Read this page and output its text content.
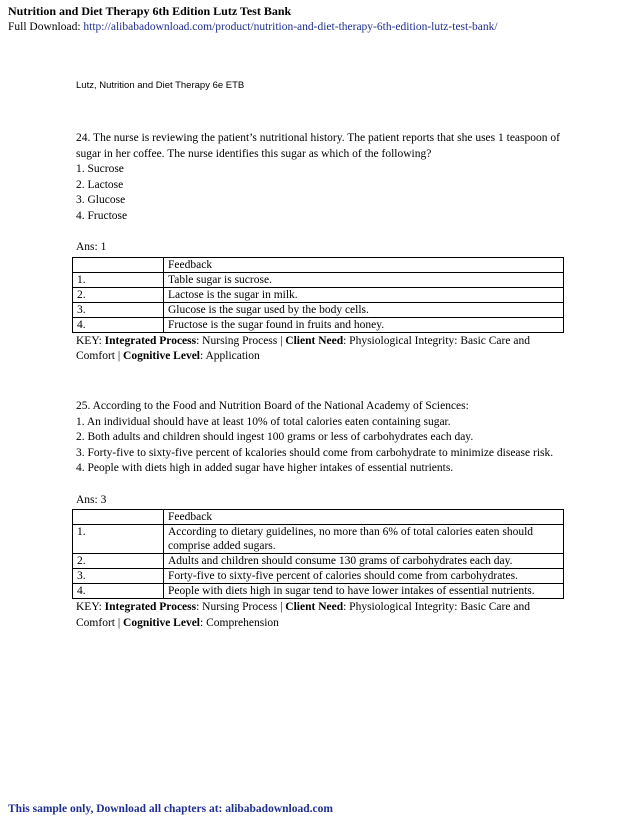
Nutrition and Diet Therapy 6th Edition Lutz Test Bank
Full Download: http://alibabadownload.com/product/nutrition-and-diet-therapy-6th-edition-lutz-test-bank/
Lutz, Nutrition and Diet Therapy 6e ETB

24. The nurse is reviewing the patient’s nutritional history. The patient reports that she uses 1 teaspoon of sugar in her coffee. The nurse identifies this sugar as which of the following?

1. Sucrose

2. Lactose

3. Glucose

4. Fructose

Ans: 1

	Feedback
1.	Table sugar is sucrose.
2.	Lactose is the sugar in milk.
3.	Glucose is the sugar used by the body cells.
4.	Fructose is the sugar found in fruits and honey.

KEY: Integrated Process: Nursing Process | Client Need: Physiological Integrity: Basic Care and Comfort | Cognitive Level: Application

25. According to the Food and Nutrition Board of the National Academy of Sciences:

1. An individual should have at least 10% of total calories eaten containing sugar.

2. Both adults and children should ingest 100 grams or less of carbohydrates each day.

3. Forty-five to sixty-five percent of kcalories should come from carbohydrate to minimize disease risk.

4. People with diets high in added sugar have higher intakes of essential nutrients.

Ans: 3

	Feedback
1.	According to dietary guidelines, no more than 6% of total calories eaten should comprise added sugars.
2.	Adults and children should consume 130 grams of carbohydrates each day.
3.	Forty-five to sixty-five percent of calories should come from carbohydrates.
4.	People with diets high in sugar tend to have lower intakes of essential nutrients.

KEY: Integrated Process: Nursing Process | Client Need: Physiological Integrity: Basic Care and Comfort | Cognitive Level: Comprehension

This sample only, Download all chapters at: alibabadownload.com
